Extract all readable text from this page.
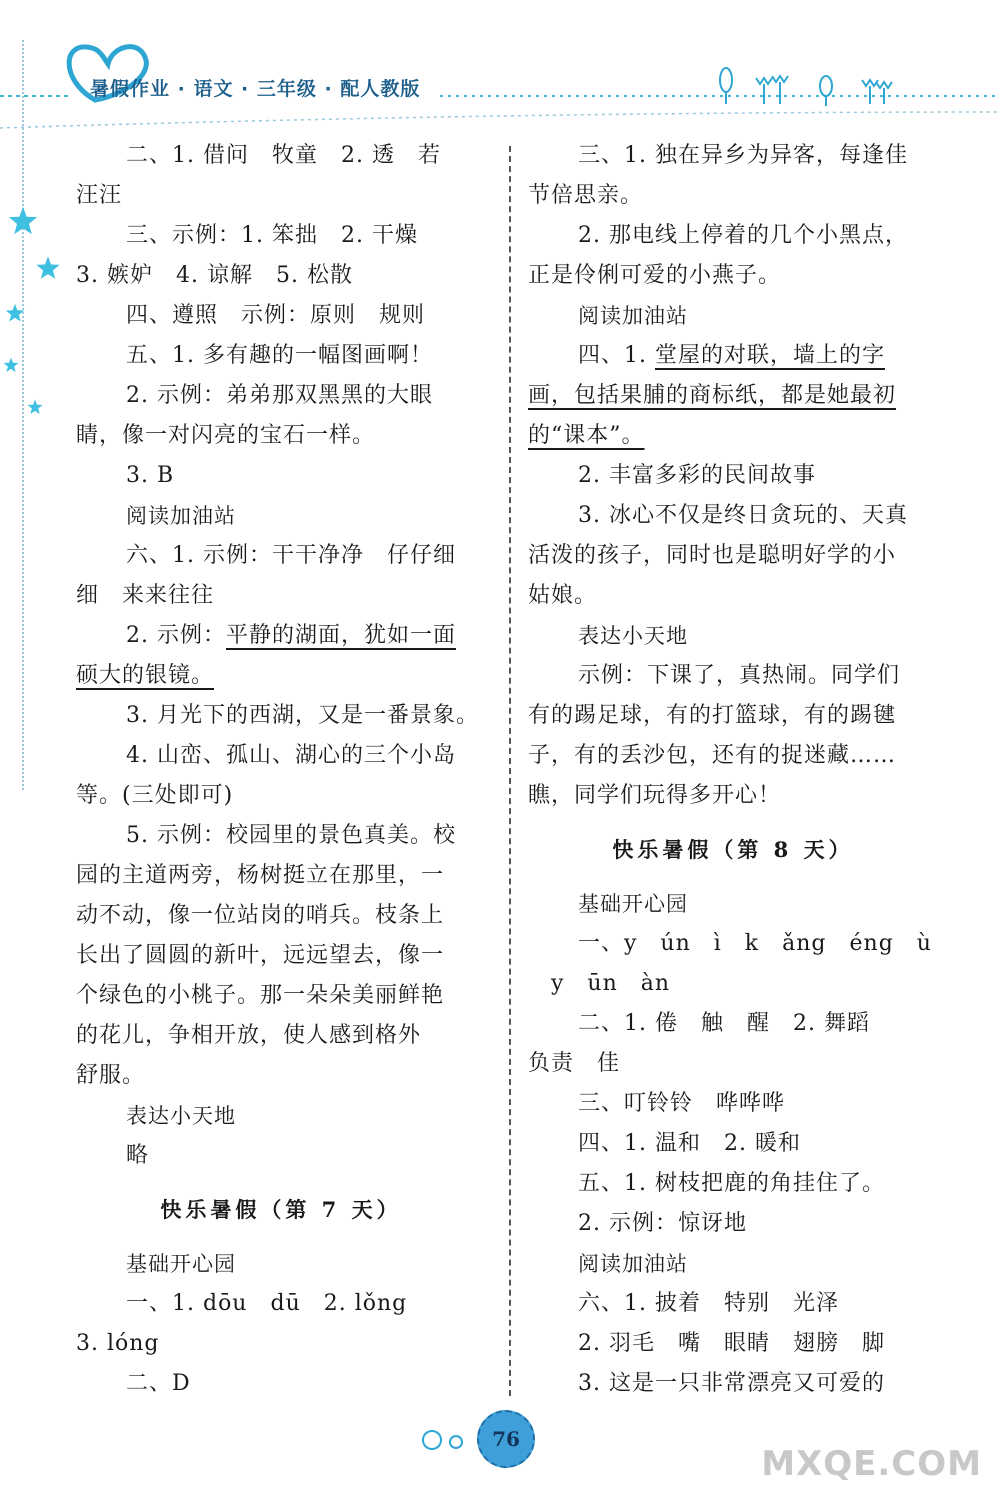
暑假作业 · 语文 · 三年级 · 配人教版

二、1. 借问　牧童　2. 透　若

汪汪

三、示例：1. 笨拙　2. 干燥

3. 嫉妒　4. 谅解　5. 松散

四、遵照　示例：原则　规则

五、1. 多有趣的一幅图画啊！

2. 示例：弟弟那双黑黑的大眼

睛，像一对闪亮的宝石一样。

3. B

阅读加油站

六、1. 示例：干干净净　仔仔细

细　来来往往

2. 示例：平静的湖面，犹如一面

硕大的银镜。

3. 月光下的西湖，又是一番景象。

4. 山峦、孤山、湖心的三个小岛

等。(三处即可)

5. 示例：校园里的景色真美。校

园的主道两旁，杨树挺立在那里，一

动不动，像一位站岗的哨兵。枝条上

长出了圆圆的新叶，远远望去，像一

个绿色的小桃子。那一朵朵美丽鲜艳

的花儿，争相开放，使人感到格外

舒服。

表达小天地

略

快乐暑假（第 7 天）

基础开心园

一、1. dōu　dū　2. lǒng

3. lóng

二、D

三、1. 独在异乡为异客，每逢佳

节倍思亲。

2. 那电线上停着的几个小黑点，

正是伶俐可爱的小燕子。

阅读加油站

四、1. 堂屋的对联，墙上的字

画，包括果脯的商标纸，都是她最初

的“课本”。

2. 丰富多彩的民间故事

3. 冰心不仅是终日贪玩的、天真

活泼的孩子，同时也是聪明好学的小

姑娘。

表达小天地

示例：下课了，真热闹。同学们

有的踢足球，有的打篮球，有的踢毽

子，有的丢沙包，还有的捉迷藏……

瞧，同学们玩得多开心！

快乐暑假（第 8 天）

基础开心园

一、y　ún　ì　k　ǎng　éng　ù

　y　ūn　àn

二、1. 倦　触　醒　2. 舞蹈

负责　佳

三、叮铃铃　哗哗哗

四、1. 温和　2. 暖和

五、1. 树枝把鹿的角挂住了。

2. 示例：惊讶地

阅读加油站

六、1. 披着　特别　光泽

2. 羽毛　嘴　眼睛　翅膀　脚

3. 这是一只非常漂亮又可爱的

76
MXQE.COM
